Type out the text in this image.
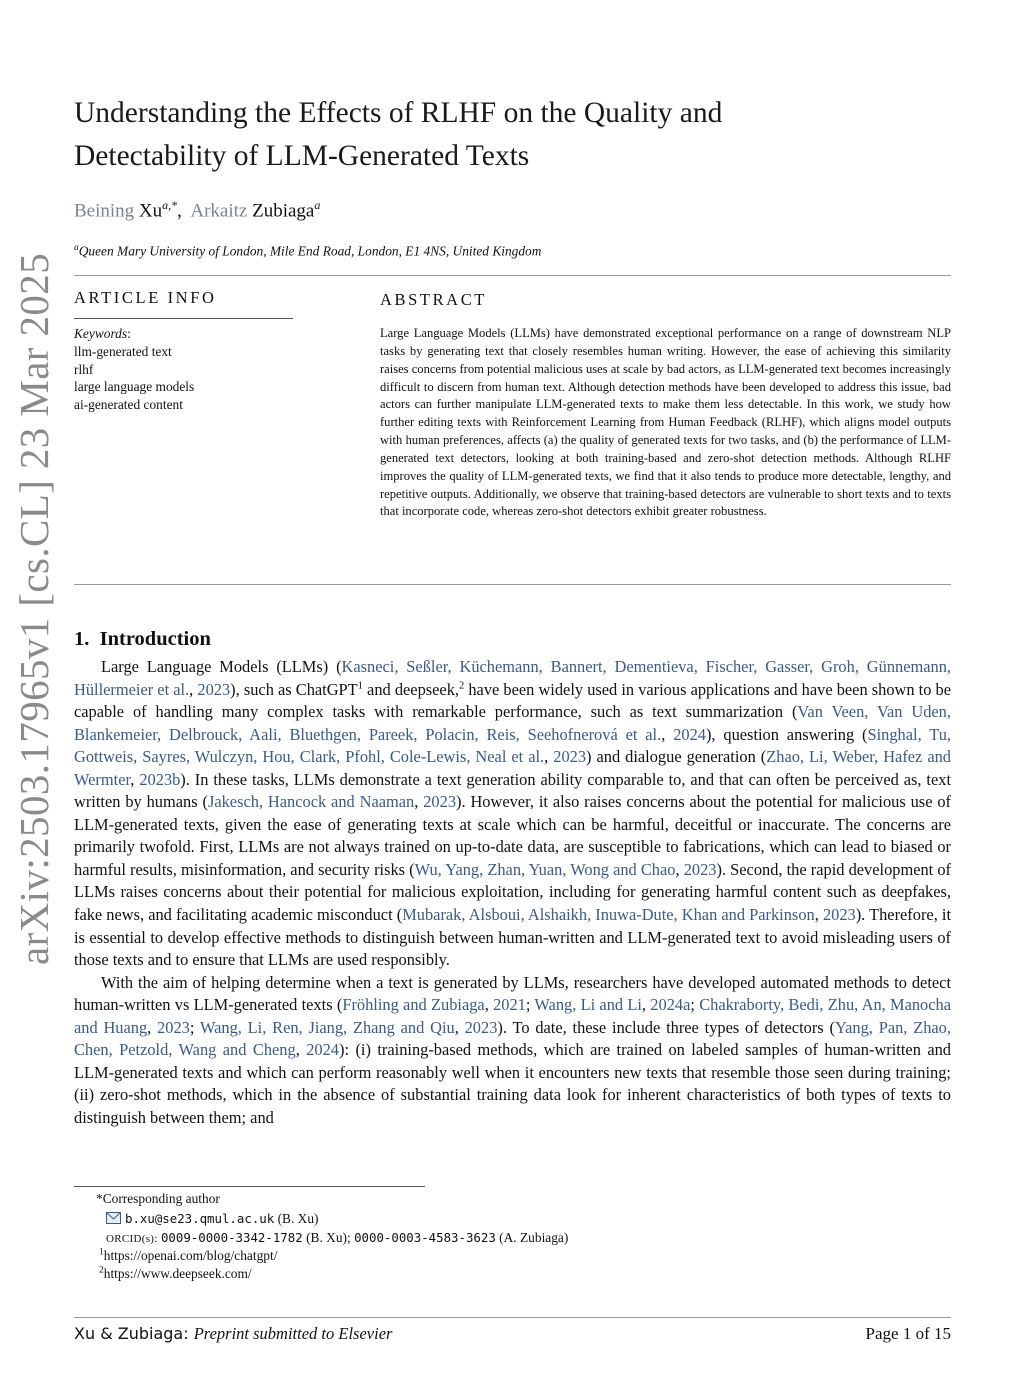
arXiv:2503.17965v1 [cs.CL] 23 Mar 2025
Understanding the Effects of RLHF on the Quality and
Detectability of LLM-Generated Texts
Beining $Xu^{a,*}$,  Arkaitz Zubiaga$^a$
$^a$Queen Mary University of London, Mile End Road, London, E1 4NS, United Kingdom
ARTICLE INFO
Keywords:
llm-generated text
rlhf
large language models
ai-generated content
ABSTRACT
Large Language Models (LLMs) have demonstrated exceptional performance on a range of downstream NLP tasks by generating text that closely resembles human writing. However, the ease of achieving this similarity raises concerns from potential malicious uses at scale by bad actors, as LLM-generated text becomes increasingly difficult to discern from human text. Although detection methods have been developed to address this issue, bad actors can further manipulate LLM-generated texts to make them less detectable. In this work, we study how further editing texts with Reinforcement Learning from Human Feedback (RLHF), which aligns model outputs with human preferences, affects (a) the quality of generated texts for two tasks, and (b) the performance of LLM-generated text detectors, looking at both training-based and zero-shot detection methods. Although RLHF improves the quality of LLM-generated texts, we find that it also tends to produce more detectable, lengthy, and repetitive outputs. Additionally, we observe that training-based detectors are vulnerable to short texts and to texts that incorporate code, whereas zero-shot detectors exhibit greater robustness.
1. Introduction

Large Language Models (LLMs) (Kasneci, Seßler, Küchemann, Bannert, Dementieva, Fischer, Gasser, Groh, Günnemann, Hüllermeier et al., 2023), such as ChatGPT$^1$ and deepseek,$^2$ have been widely used in various applications and have been shown to be capable of handling many complex tasks with remarkable performance, such as text summarization (Van Veen, Van Uden, Blankemeier, Delbrouck, Aali, Bluethgen, Pareek, Polacin, Reis, Seehofnerová et al., 2024), question answering (Singhal, Tu, Gottweis, Sayres, Wulczyn, Hou, Clark, Pfohl, Cole-Lewis, Neal et al., 2023) and dialogue generation (Zhao, Li, Weber, Hafez and Wermter, 2023b). In these tasks, LLMs demonstrate a text generation ability comparable to, and that can often be perceived as, text written by humans (Jakesch, Hancock and Naaman, 2023). However, it also raises concerns about the potential for malicious use of LLM-generated texts, given the ease of generating texts at scale which can be harmful, deceitful or inaccurate. The concerns are primarily twofold. First, LLMs are not always trained on up-to-date data, are susceptible to fabrications, which can lead to biased or harmful results, misinformation, and security risks (Wu, Yang, Zhan, Yuan, Wong and Chao, 2023). Second, the rapid development of LLMs raises concerns about their potential for malicious exploitation, including for generating harmful content such as deepfakes, fake news, and facilitating academic misconduct (Mubarak, Alsboui, Alshaikh, Inuwa-Dute, Khan and Parkinson, 2023). Therefore, it is essential to develop effective methods to distinguish between human-written and LLM-generated text to avoid misleading users of those texts and to ensure that LLMs are used responsibly.

With the aim of helping determine when a text is generated by LLMs, researchers have developed automated methods to detect human-written vs LLM-generated texts (Fröhling and Zubiaga, 2021; Wang, Li and Li, 2024a; Chakraborty, Bedi, Zhu, An, Manocha and Huang, 2023; Wang, Li, Ren, Jiang, Zhang and Qiu, 2023). To date, these include three types of detectors (Yang, Pan, Zhao, Chen, Petzold, Wang and Cheng, 2024): (i) training-based methods, which are trained on labeled samples of human-written and LLM-generated texts and which can perform reasonably well when it encounters new texts that resemble those seen during training; (ii) zero-shot methods, which in the absence of substantial training data look for inherent characteristics of both types of texts to distinguish between them; and

*Corresponding author
b.xu@se23.qmul.ac.uk (B. Xu)
ORCID(s): 0009-0000-3342-1782 (B. Xu); 0000-0003-4583-3623 (A. Zubiaga)
$^1$https://openai.com/blog/chatgpt/
$^2$https://www.deepseek.com/
Xu & Zubiaga: Preprint submitted to Elsevier	Page 1 of 15
